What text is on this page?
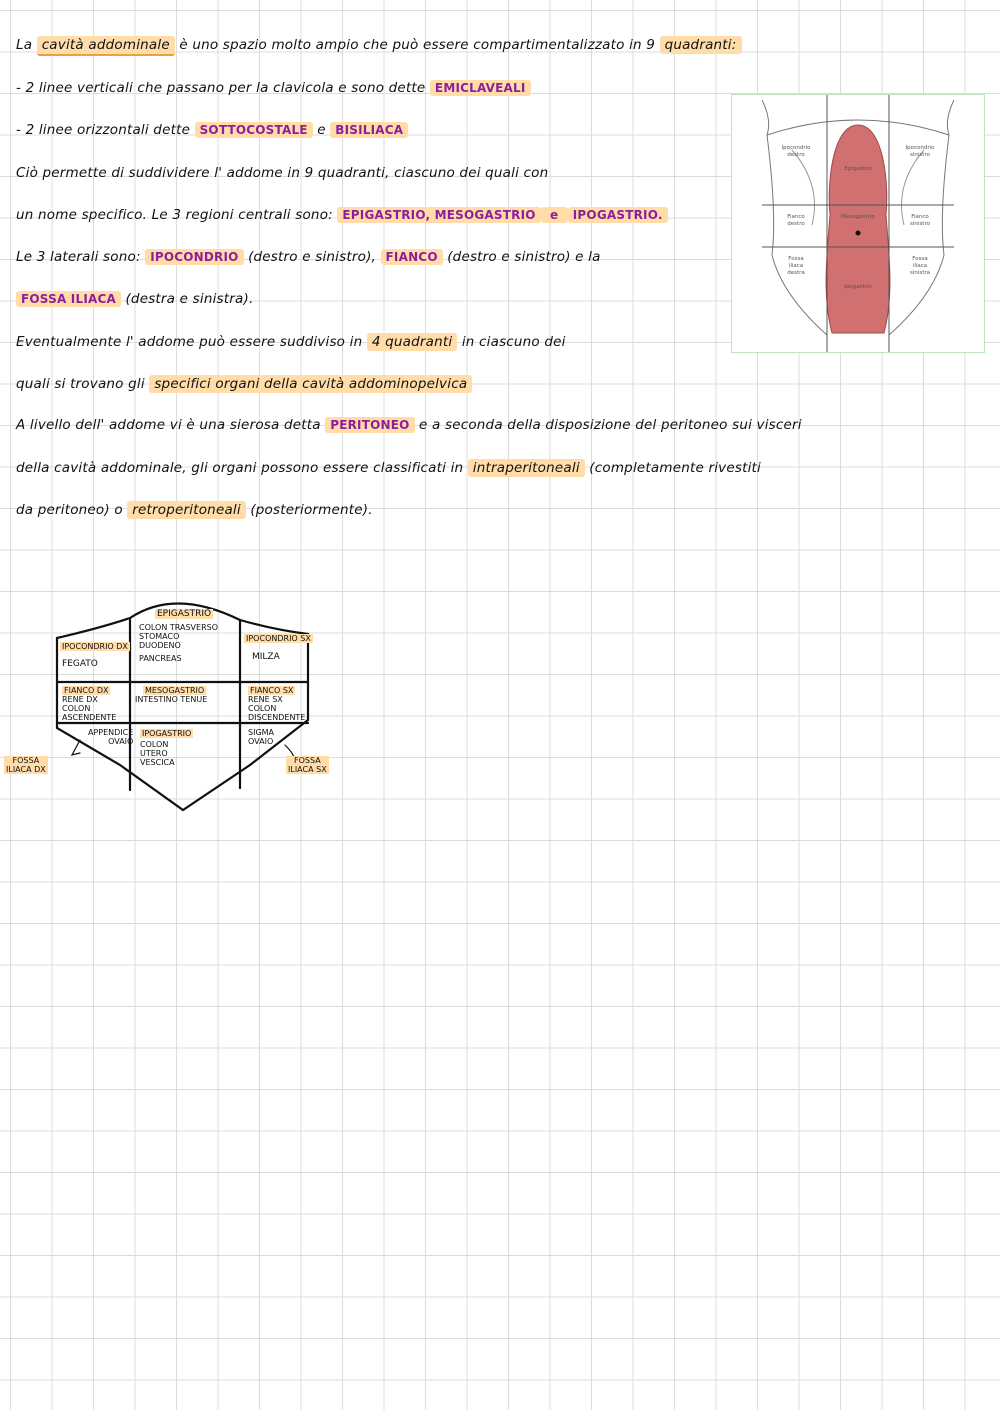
La cavità addominale è uno spazio molto ampio che può essere compartimentalizzato in 9 quadranti:
- 2 linee verticali che passano per la clavicola e sono dette EMICLAVEALI
- 2 linee orizzontali dette SOTTOCOSTALE e BISILIACA
Ciò permette di suddividere l' addome in 9 quadranti, ciascuno dei quali con
un nome specifico. Le 3 regioni centrali sono: EPIGASTRIO, MESOGASTRIO e IPOGASTRIO.
Le 3 laterali sono: IPOCONDRIO (destro e sinistro), FIANCO (destro e sinistro) e la
FOSSA ILIACA (destra e sinistra).
Eventualmente l' addome può essere suddiviso in 4 quadranti in ciascuno dei
quali si trovano gli specifici organi della cavità addominopelvica
A livello dell' addome vi è una sierosa detta PERITONEO e a seconda della disposizione del peritoneo sui visceri
della cavità addominale, gli organi possono essere classificati in intraperitoneali (completamente rivestiti
da peritoneo) o retroperitoneali (posteriormente).
Ipocondrio destro
Epigastrio
Ipocondrio sinistro
Fianco destro
Mesogastrio	Fianco sinistro
Fossa iliaca destra
Ipogastrio
Fossa iliaca sinistra
EPIGASTRIO
COLON TRASVERSO
STOMACO
DUODENO
PANCREAS
IPOCONDRIO DX
FEGATO
IPOCONDRIO SX
MILZA
FIANCO DX
RENE DX
COLON
ASCENDENTE
MESOGASTRIO
INTESTINO TENUE
FIANCO SX
RENE SX
COLON
DISCENDENTE
APPENDICE
OVAIO
IPOGASTRIO
COLON
UTERO
VESCICA
SIGMA
OVAIO
FOSSA
ILIACA DX
FOSSA
ILIACA SX
